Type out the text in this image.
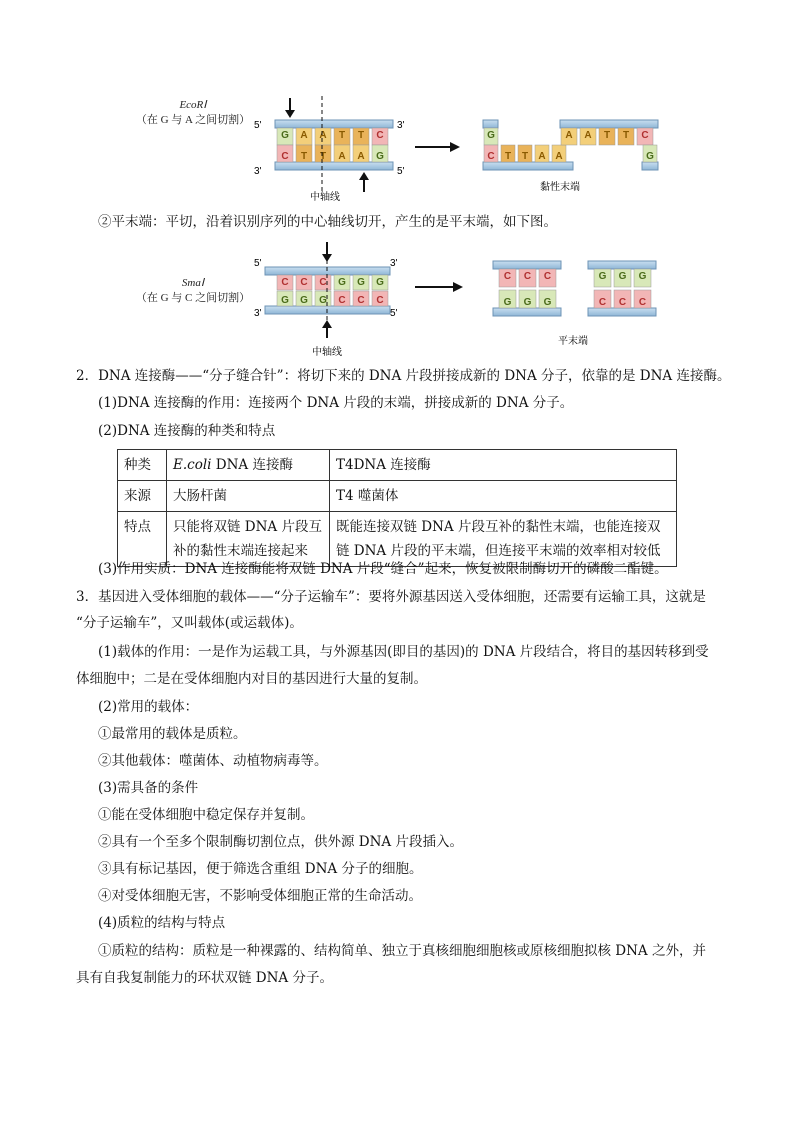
EcoRⅠ
（在 G 与 A 之间切割） 5'	3'
3'	5'
G A A T T C
C T T A A G
中轴线
G
C T T A A
A A T T C
G
黏性末端
②平末端：平切，沿着识别序列的中心轴线切开，产生的是平末端，如下图。
SmaⅠ
（在 G 与 C 之间切割）
5'	3'
3'	5'
C C C G G G
G G G C C C
中轴线
C C C
G G G
G G G
C C C
平末端
2．DNA 连接酶——“分子缝合针”：将切下来的 DNA 片段拼接成新的 DNA 分子，依靠的是 DNA 连接酶。
(1)DNA 连接酶的作用：连接两个 DNA 片段的末端，拼接成新的 DNA 分子。
(2)DNA 连接酶的种类和特点
种类	E.coli DNA 连接酶	T4DNA 连接酶
来源	大肠杆菌	T4 噬菌体
特点	只能将双链 DNA 片段互补的黏性末端连接起来	既能连接双链 DNA 片段互补的黏性末端，也能连接双链 DNA 片段的平末端，但连接平末端的效率相对较低
(3)作用实质：DNA 连接酶能将双链 DNA 片段“缝合”起来，恢复被限制酶切开的磷酸二酯键。
3．基因进入受体细胞的载体——“分子运输车”：要将外源基因送入受体细胞，还需要有运输工具，这就是
“分子运输车”，又叫载体(或运载体)。
(1)载体的作用：一是作为运载工具，与外源基因(即目的基因)的 DNA 片段结合，将目的基因转移到受
体细胞中；二是在受体细胞内对目的基因进行大量的复制。
(2)常用的载体：
①最常用的载体是质粒。
②其他载体：噬菌体、动植物病毒等。
(3)需具备的条件
①能在受体细胞中稳定保存并复制。
②具有一个至多个限制酶切割位点，供外源 DNA 片段插入。
③具有标记基因，便于筛选含重组 DNA 分子的细胞。
④对受体细胞无害，不影响受体细胞正常的生命活动。
(4)质粒的结构与特点
①质粒的结构：质粒是一种裸露的、结构简单、独立于真核细胞细胞核或原核细胞拟核 DNA 之外，并
具有自我复制能力的环状双链 DNA 分子。
